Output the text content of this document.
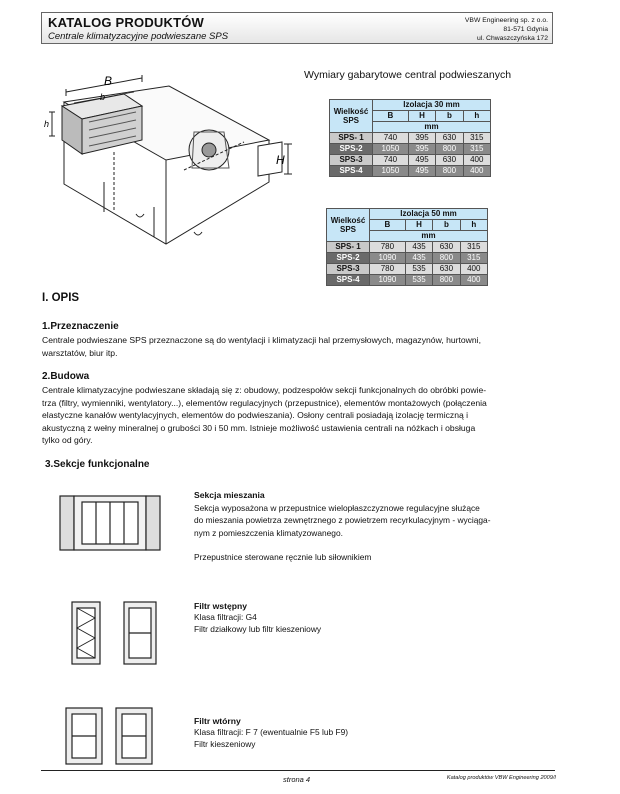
KATALOG PRODUKTÓW
Centrale klimatyzacyjne podwieszane SPS
VBW Engineering sp. z o.o.
81-571 Gdynia
ul. Chwaszczyńska 172
B
b
h
H
Wymiary gabarytowe central podwieszanych
Wielkość SPS	Izolacja 30 mm			
	B	H	b	h
	mm			
SPS- 1	740	395	630	315
SPS-2	1050	395	800	315
SPS-3	740	495	630	400
SPS-4	1050	495	800	400
Wielkość SPS	Izolacja 50 mm			
	B	H	b	h
	mm			
SPS- 1	780	435	630	315
SPS-2	1090	435	800	315
SPS-3	780	535	630	400
SPS-4	1090	535	800	400
I. OPIS
1.Przeznaczenie
Centrale podwieszane SPS przeznaczone są do wentylacji i klimatyzacji hal przemysłowych, magazynów, hurtowni,
warsztatów, biur itp.
2.Budowa
Centrale klimatyzacyjne podwieszane składają się z: obudowy, podzespołów sekcji funkcjonalnych do obróbki powie-
trza (filtry, wymienniki, wentylatory...), elementów regulacyjnych (przepustnice), elementów montażowych (połączenia
elastyczne kanałów wentylacyjnych, elementów do podwieszania). Osłony centrali posiadają izolację termiczną i
akustyczną z wełny mineralnej o grubości 30 i 50 mm. Istnieje możliwość ustawienia centrali na nóżkach i obsługa
tylko od góry.
3.Sekcje funkcjonalne
Sekcja mieszania
Sekcja wyposażona w przepustnice wielopłaszczyznowe regulacyjne służące
do mieszania powietrza zewnętrznego z powietrzem recyrkulacyjnym - wyciąga-
nym z pomieszczenia klimatyzowanego.
Przepustnice sterowane ręcznie lub siłownikiem
Filtr wstępny
Klasa filtracji: G4
Filtr działkowy lub filtr kieszeniowy
Filtr wtórny
Klasa filtracji: F 7 (ewentualnie F5 lub F9)
Filtr kieszeniowy
strona 4	Katalog produktów VBW Engineering 2009/I
